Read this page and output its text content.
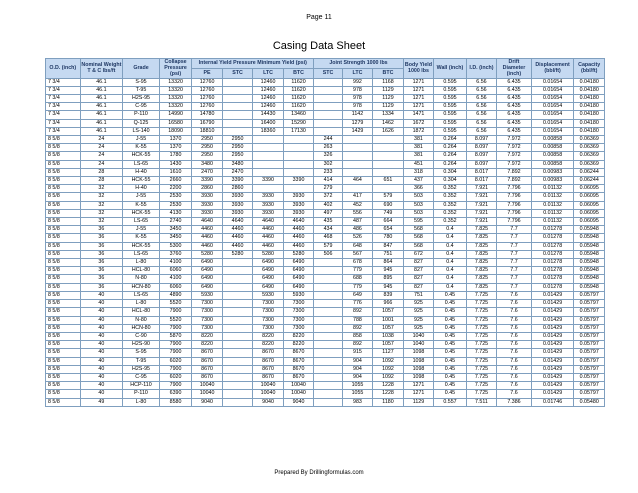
Page 11
Casing Data Sheet
O.D. (inch)	Nominal Weight T & C lbs/ft	Grade	Collapse Pressure (psi)	Internal Yield Pressure Minimum Yield (psi)				Joint Strength 1000 lbs			Body Yield 1000 lbs	Wall (inch)	I.D. (inch)	Drift Diameter (inch)	Displacement (bbl/ft)	Capacity (bbl/ft)
				PE	STC	LTC	BTC	STC	LTC	BTC						
7 3/4	46.1	S-95	13320	12760		12460	11620		992	1168	1271	0.595	6.56	6.435	0.01654	0.04180
7 3/4	46.1	T-95	13320	12760		12460	11620		978	1129	1271	0.595	6.56	6.435	0.01654	0.04180
7 3/4	46.1	H2S-95	13320	12760		12460	11620		978	1129	1271	0.595	6.56	6.435	0.01654	0.04180
7 3/4	46.1	C-95	13320	12760		12460	11620		978	1129	1271	0.595	6.56	6.435	0.01654	0.04180
7 3/4	46.1	P-110	14990	14780		14430	13460		1142	1334	1471	0.595	6.56	6.435	0.01654	0.04180
7 3/4	46.1	Q-125	16580	16790		16400	15290		1279	1462	1672	0.595	6.56	6.435	0.01654	0.04180
7 3/4	46.1	LS-140	18090	18810		18360	17130		1429	1626	1872	0.595	6.56	6.435	0.01654	0.04180
8 5/8	24	J-55	1370	2950	2950			244			381	0.264	8.097	7.972	0.00858	0.06369
8 5/8	24	K-55	1370	2950	2950			263			381	0.264	8.097	7.972	0.00858	0.06369
8 5/8	24	HCK-55	1780	2950	2950			326			381	0.264	8.097	7.972	0.00858	0.06369
8 5/8	24	LS-65	1430	3480	3480			302			451	0.264	8.097	7.972	0.00858	0.06369
8 5/8	28	H-40	1610	2470	2470			233			318	0.304	8.017	7.892	0.00983	0.06244
8 5/8	28	HCK-55	2660	3390	3390	3390	3390	414	464	651	437	0.304	8.017	7.892	0.00983	0.06244
8 5/8	32	H-40	2200	2860	2860			279			366	0.352	7.921	7.796	0.01132	0.06095
8 5/8	32	J-55	2530	3930	3930	3930	3930	372	417	579	503	0.352	7.921	7.796	0.01132	0.06095
8 5/8	32	K-55	2530	3930	3930	3930	3930	402	452	690	503	0.352	7.921	7.796	0.01132	0.06095
8 5/8	32	HCK-55	4130	3930	3930	3930	3930	497	556	749	503	0.352	7.921	7.796	0.01132	0.06095
8 5/8	32	LS-65	2740	4640	4640	4640	4640	435	487	664	595	0.352	7.921	7.796	0.01132	0.06095
8 5/8	36	J-55	3450	4460	4460	4460	4460	434	486	654	568	0.4	7.825	7.7	0.01278	0.05948
8 5/8	36	K-55	3450	4460	4460	4460	4460	468	526	780	568	0.4	7.825	7.7	0.01278	0.05948
8 5/8	36	HCK-55	5300	4460	4460	4460	4460	579	648	847	568	0.4	7.825	7.7	0.01278	0.05948
8 5/8	36	LS-65	3760	5280	5280	5280	5280	506	567	751	672	0.4	7.825	7.7	0.01278	0.05948
8 5/8	36	L-80	4100	6490		6490	6490		678	864	827	0.4	7.825	7.7	0.01278	0.05948
8 5/8	36	HCL-80	6060	6490		6490	6490		779	945	827	0.4	7.825	7.7	0.01278	0.05948
8 5/8	36	N-80	4100	6490		6490	6490		688	895	827	0.4	7.825	7.7	0.01278	0.05948
8 5/8	36	HCN-80	6060	6490		6490	6490		779	945	827	0.4	7.825	7.7	0.01278	0.05948
8 5/8	40	LS-65	4890	5930		5930	5930		649	839	751	0.45	7.725	7.6	0.01429	0.05797
8 5/8	40	L-80	5520	7300		7300	7300		776	966	925	0.45	7.725	7.6	0.01429	0.05797
8 5/8	40	HCL-80	7900	7300		7300	7300		892	1057	925	0.45	7.725	7.6	0.01429	0.05797
8 5/8	40	N-80	5520	7300		7300	7300		788	1001	925	0.45	7.725	7.6	0.01429	0.05797
8 5/8	40	HCN-80	7900	7300		7300	7300		892	1057	925	0.45	7.725	7.6	0.01429	0.05797
8 5/8	40	C-90	5870	8220		8220	8220		858	1038	1040	0.45	7.725	7.6	0.01429	0.05797
8 5/8	40	H2S-90	7900	8220		8220	8220		892	1057	1040	0.45	7.725	7.6	0.01429	0.05797
8 5/8	40	S-95	7900	8670		8670	8670		915	1127	1098	0.45	7.725	7.6	0.01429	0.05797
8 5/8	40	T-95	6020	8670		8670	8670		904	1092	1098	0.45	7.725	7.6	0.01429	0.05797
8 5/8	40	H2S-95	7900	8670		8670	8670		904	1092	1098	0.45	7.725	7.6	0.01429	0.05797
8 5/8	40	C-95	6020	8670		8670	8670		904	1092	1098	0.45	7.725	7.6	0.01429	0.05797
8 5/8	40	HCP-110	7900	10040		10040	10040		1055	1228	1271	0.45	7.725	7.6	0.01429	0.05797
8 5/8	40	P-110	6390	10040		10040	10040		1055	1228	1271	0.45	7.725	7.6	0.01429	0.05797
8 5/8	49	L-80	8580	9040		9040	9040		983	1180	1129	0.557	7.511	7.386	0.01746	0.05480
Prepared By Drillingformulas.com
